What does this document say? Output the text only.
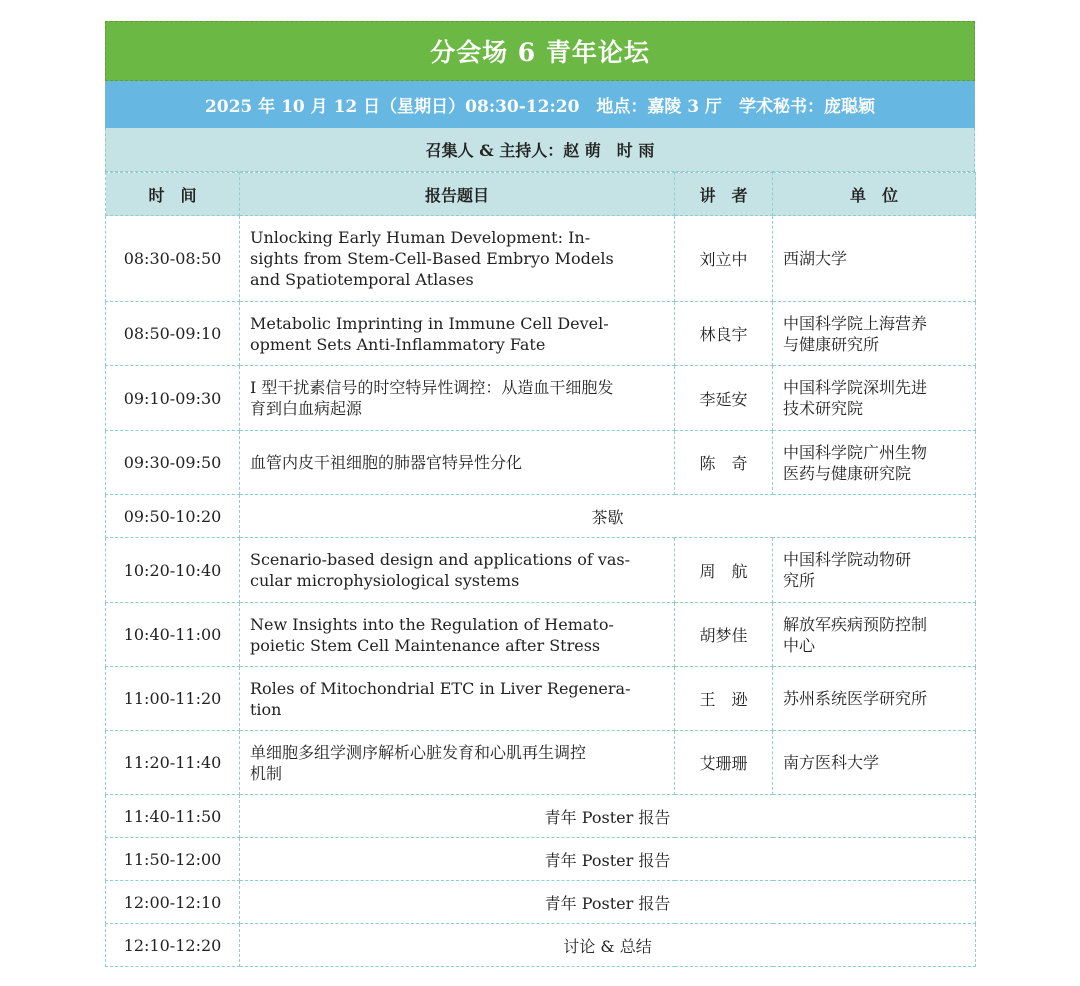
分会场 6 青年论坛
2025 年 10 月 12 日（星期日）08:30-12:20　地点：嘉陵 3 厅　学术秘书：庞聪颖
召集人 & 主持人：赵 萌　时 雨
时　间	报告题目	讲　者	单　位
08:30-08:50	Unlocking Early Human Development: In-
sights from Stem-Cell-Based Embryo Models
and Spatiotemporal Atlases	刘立中	西湖大学
08:50-09:10	Metabolic Imprinting in Immune Cell Devel-
opment Sets Anti-Inflammatory Fate	林良宇	中国科学院上海营养
与健康研究所
09:10-09:30	I 型干扰素信号的时空特异性调控：从造血干细胞发
育到白血病起源	李延安	中国科学院深圳先进
技术研究院
09:30-09:50	血管内皮干祖细胞的肺器官特异性分化	陈　奇	中国科学院广州生物
医药与健康研究院
09:50-10:20	茶歇		
10:20-10:40	Scenario-based design and applications of vas-
cular microphysiological systems	周　航	中国科学院动物研
究所
10:40-11:00	New Insights into the Regulation of Hemato-
poietic Stem Cell Maintenance after Stress	胡梦佳	解放军疾病预防控制
中心
11:00-11:20	Roles of Mitochondrial ETC in Liver Regenera-
tion	王　逊	苏州系统医学研究所
11:20-11:40	单细胞多组学测序解析心脏发育和心肌再生调控
机制	艾珊珊	南方医科大学
11:40-11:50	青年 Poster 报告		
11:50-12:00	青年 Poster 报告		
12:00-12:10	青年 Poster 报告		
12:10-12:20	讨论 & 总结		
